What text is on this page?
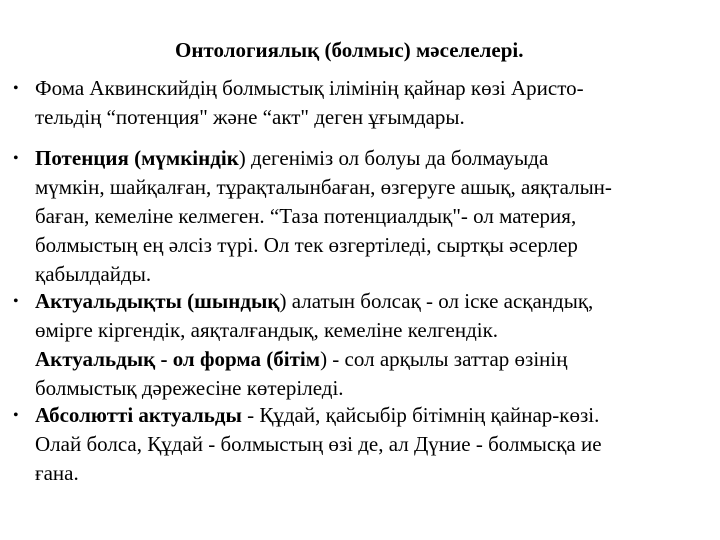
Онтологиялық (болмыс) мәселелері.
• Фома Аквинскийдің болмыстық ілімінің қайнар көзі Аристо-
тельдің “потенция" және “акт" деген ұғымдары.
• Потенция (мүмкіндік) дегеніміз ол болуы да болмауыда
мүмкін, шайқалған, тұрақталынбаған, өзгеруге ашық, аяқталын-
баған, кемеліне келмеген. “Таза потенциалдық"- ол материя,
болмыстың ең әлсіз түрі. Ол тек өзгертіледі, сыртқы әсерлер
қабылдайды.
• Актуальдықты (шындық) алатын болсақ - ол іске асқандық,
өмірге кіргендік, аяқталғандық, кемеліне келгендік.
Актуальдық - ол форма (бітім) - сол арқылы заттар өзінің
болмыстық дәрежесіне көтеріледі.
• Абсолютті актуальды - Құдай, қайсыбір бітімнің қайнар-көзі.
Олай болса, Құдай - болмыстың өзі де, ал Дүние - болмысқа ие
ғана.
